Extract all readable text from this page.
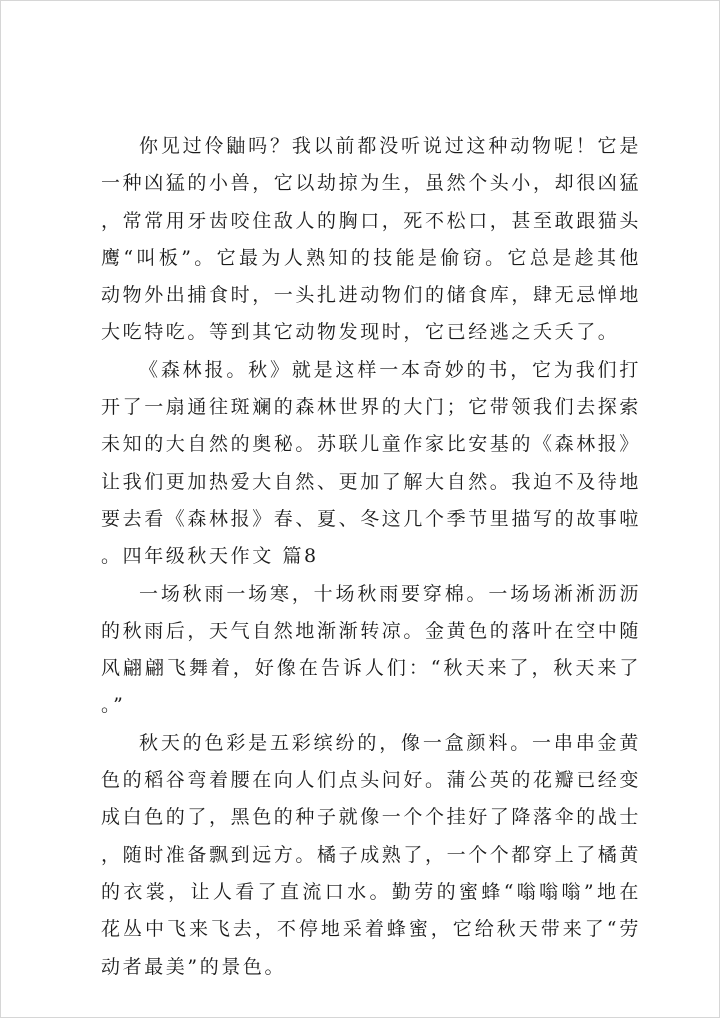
你见过伶鼬吗？我以前都没听说过这种动物呢！它是一种凶猛的小兽，它以劫掠为生，虽然个头小，却很凶猛，常常用牙齿咬住敌人的胸口，死不松口，甚至敢跟猫头鹰“叫板”。它最为人熟知的技能是偷窃。它总是趁其他动物外出捕食时，一头扎进动物们的储食库，肆无忌惮地大吃特吃。等到其它动物发现时，它已经逃之夭夭了。

《森林报。秋》就是这样一本奇妙的书，它为我们打开了一扇通往斑斓的森林世界的大门；它带领我们去探索未知的大自然的奥秘。苏联儿童作家比安基的《森林报》让我们更加热爱大自然、更加了解大自然。我迫不及待地要去看《森林报》春、夏、冬这几个季节里描写的故事啦。四年级秋天作文 篇8

一场秋雨一场寒，十场秋雨要穿棉。一场场淅淅沥沥的秋雨后，天气自然地渐渐转凉。金黄色的落叶在空中随风翩翩飞舞着，好像在告诉人们：“秋天来了，秋天来了。”

秋天的色彩是五彩缤纷的，像一盒颜料。一串串金黄色的稻谷弯着腰在向人们点头问好。蒲公英的花瓣已经变成白色的了，黑色的种子就像一个个挂好了降落伞的战士，随时准备飘到远方。橘子成熟了，一个个都穿上了橘黄的衣裳，让人看了直流口水。勤劳的蜜蜂“嗡嗡嗡”地在花丛中飞来飞去，不停地采着蜂蜜，它给秋天带来了“劳动者最美”的景色。
